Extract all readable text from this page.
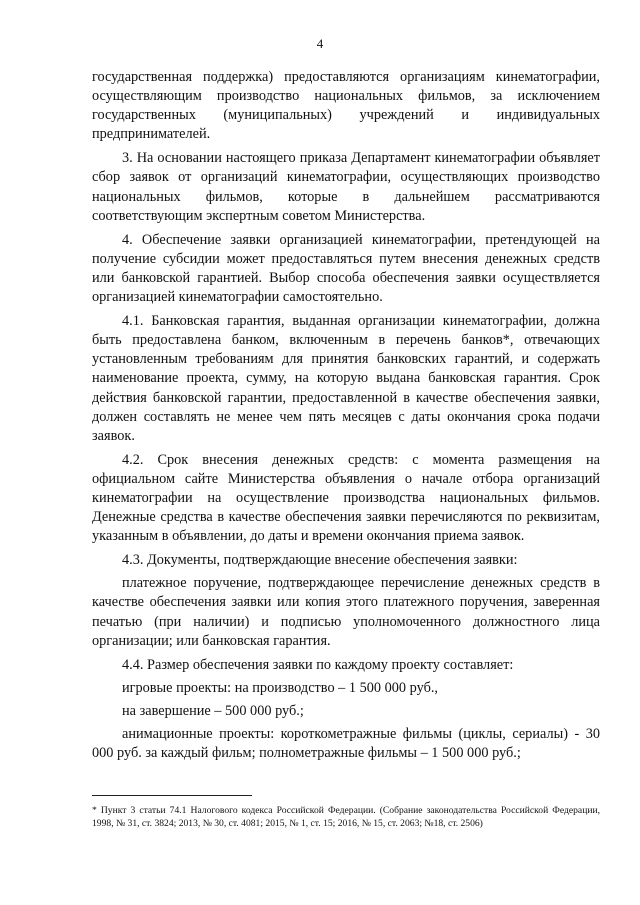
4

государственная поддержка) предоставляются организациям кинематографии, осуществляющим производство национальных фильмов, за исключением государственных (муниципальных) учреждений и индивидуальных предпринимателей.

3. На основании настоящего приказа Департамент кинематографии объявляет сбор заявок от организаций кинематографии, осуществляющих производство национальных фильмов, которые в дальнейшем рассматриваются соответствующим экспертным советом Министерства.

4. Обеспечение заявки организацией кинематографии, претендующей на получение субсидии может предоставляться путем внесения денежных средств или банковской гарантией. Выбор способа обеспечения заявки осуществляется организацией кинематографии самостоятельно.

4.1. Банковская гарантия, выданная организации кинематографии, должна быть предоставлена банком, включенным в перечень банков*, отвечающих установленным требованиям для принятия банковских гарантий, и содержать наименование проекта, сумму, на которую выдана банковская гарантия. Срок действия банковской гарантии, предоставленной в качестве обеспечения заявки, должен составлять не менее чем пять месяцев с даты окончания срока подачи заявок.

4.2. Срок внесения денежных средств: с момента размещения на официальном сайте Министерства объявления о начале отбора организаций кинематографии на осуществление производства национальных фильмов. Денежные средства в качестве обеспечения заявки перечисляются по реквизитам, указанным в объявлении, до даты и времени окончания приема заявок.

4.3. Документы, подтверждающие внесение обеспечения заявки:

платежное поручение, подтверждающее перечисление денежных средств в качестве обеспечения заявки или копия этого платежного поручения, заверенная печатью (при наличии) и подписью уполномоченного должностного лица организации; или банковская гарантия.

4.4. Размер обеспечения заявки по каждому проекту составляет:

игровые проекты: на производство – 1 500 000 руб.,

на завершение – 500 000 руб.;

анимационные проекты: короткометражные фильмы (циклы, сериалы) - 30 000 руб. за каждый фильм; полнометражные фильмы – 1 500 000 руб.;

* Пункт 3 статьи 74.1 Налогового кодекса Российской Федерации. (Собрание законодательства Российской Федерации, 1998, № 31, ст. 3824; 2013, № 30, ст. 4081; 2015, № 1, ст. 15; 2016, № 15, ст. 2063; №18, ст. 2506)
